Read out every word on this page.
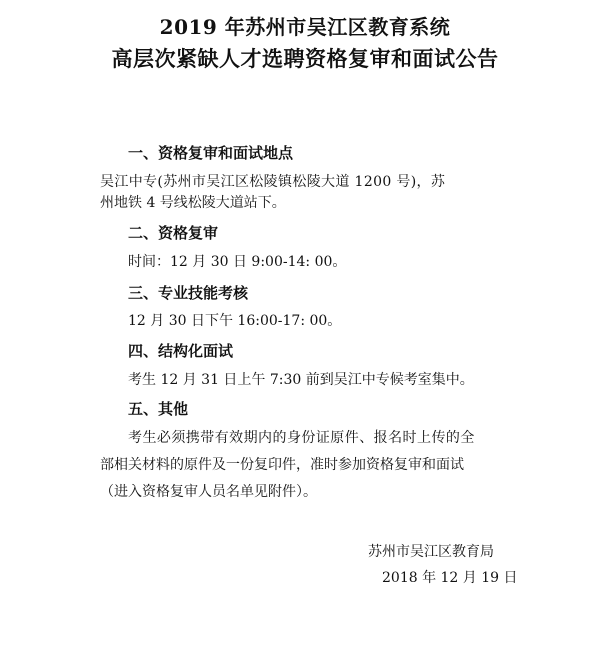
2019 年苏州市吴江区教育系统
高层次紧缺人才选聘资格复审和面试公告
一、资格复审和面试地点
吴江中专(苏州市吴江区松陵镇松陵大道 1200 号)，苏
州地铁 4 号线松陵大道站下。
二、资格复审
时间：12 月 30 日 9:00-14: 00。
三、专业技能考核
12 月 30 日下午 16:00-17: 00。
四、结构化面试
考生 12 月 31 日上午 7:30 前到吴江中专候考室集中。
五、其他
考生必须携带有效期内的身份证原件、报名时上传的全
部相关材料的原件及一份复印件，准时参加资格复审和面试
（进入资格复审人员名单见附件）。
苏州市吴江区教育局
2018 年 12 月 19 日
